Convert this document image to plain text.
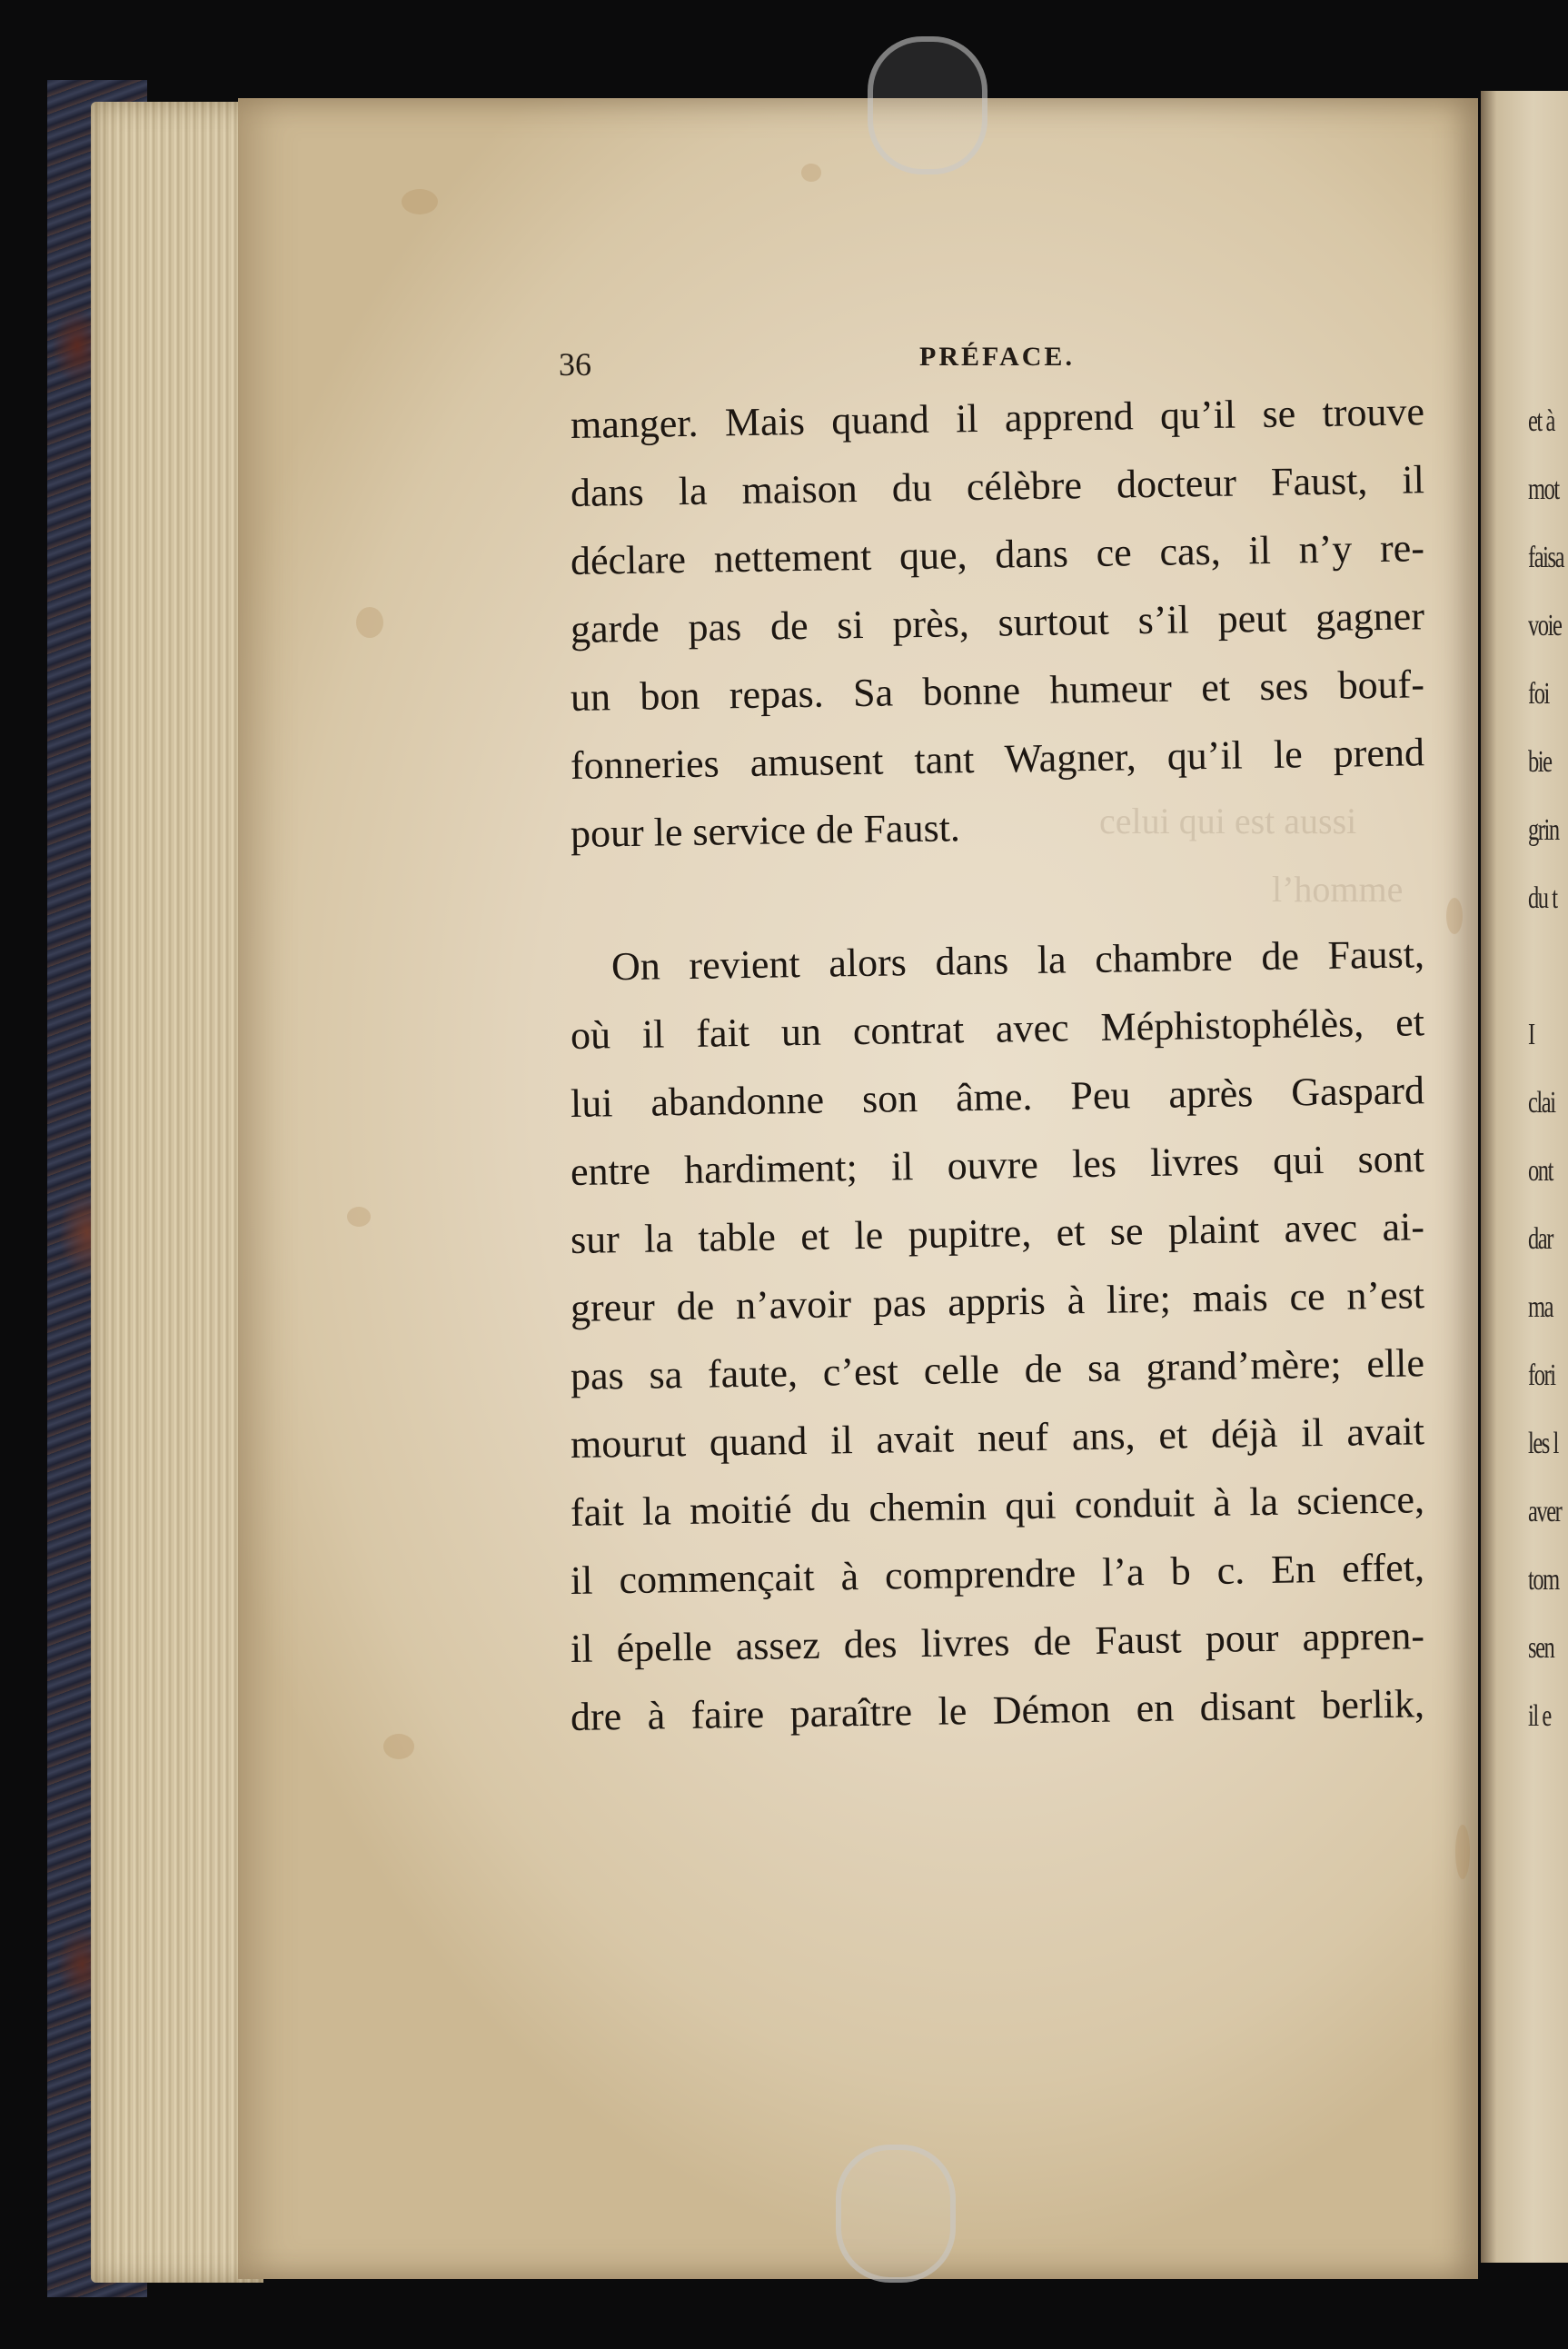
et à
mot
faisa
voie
foi
bie
grin
du t
I
clai
ont
dar
ma
fori
les l
aver
tom
sen
il e
celui qui est aussi
l’homme
36	PRÉFACE.
manger. Mais quand il apprend qu’il se trouve
dans la maison du célèbre docteur Faust, il
déclare nettement que, dans ce cas, il n’y re-
garde pas de si près, surtout s’il peut gagner
un bon repas. Sa bonne humeur et ses bouf-
fonneries amusent tant Wagner, qu’il le prend
pour le service de Faust.
On revient alors dans la chambre de Faust,
où il fait un contrat avec Méphistophélès, et
lui abandonne son âme. Peu après Gaspard
entre hardiment; il ouvre les livres qui sont
sur la table et le pupitre, et se plaint avec ai-
greur de n’avoir pas appris à lire; mais ce n’est
pas sa faute, c’est celle de sa grand’mère; elle
mourut quand il avait neuf ans, et déjà il avait
fait la moitié du chemin qui conduit à la science,
il commençait à comprendre l’a b c. En effet,
il épelle assez des livres de Faust pour appren-
dre à faire paraître le Démon en disant berlik,
